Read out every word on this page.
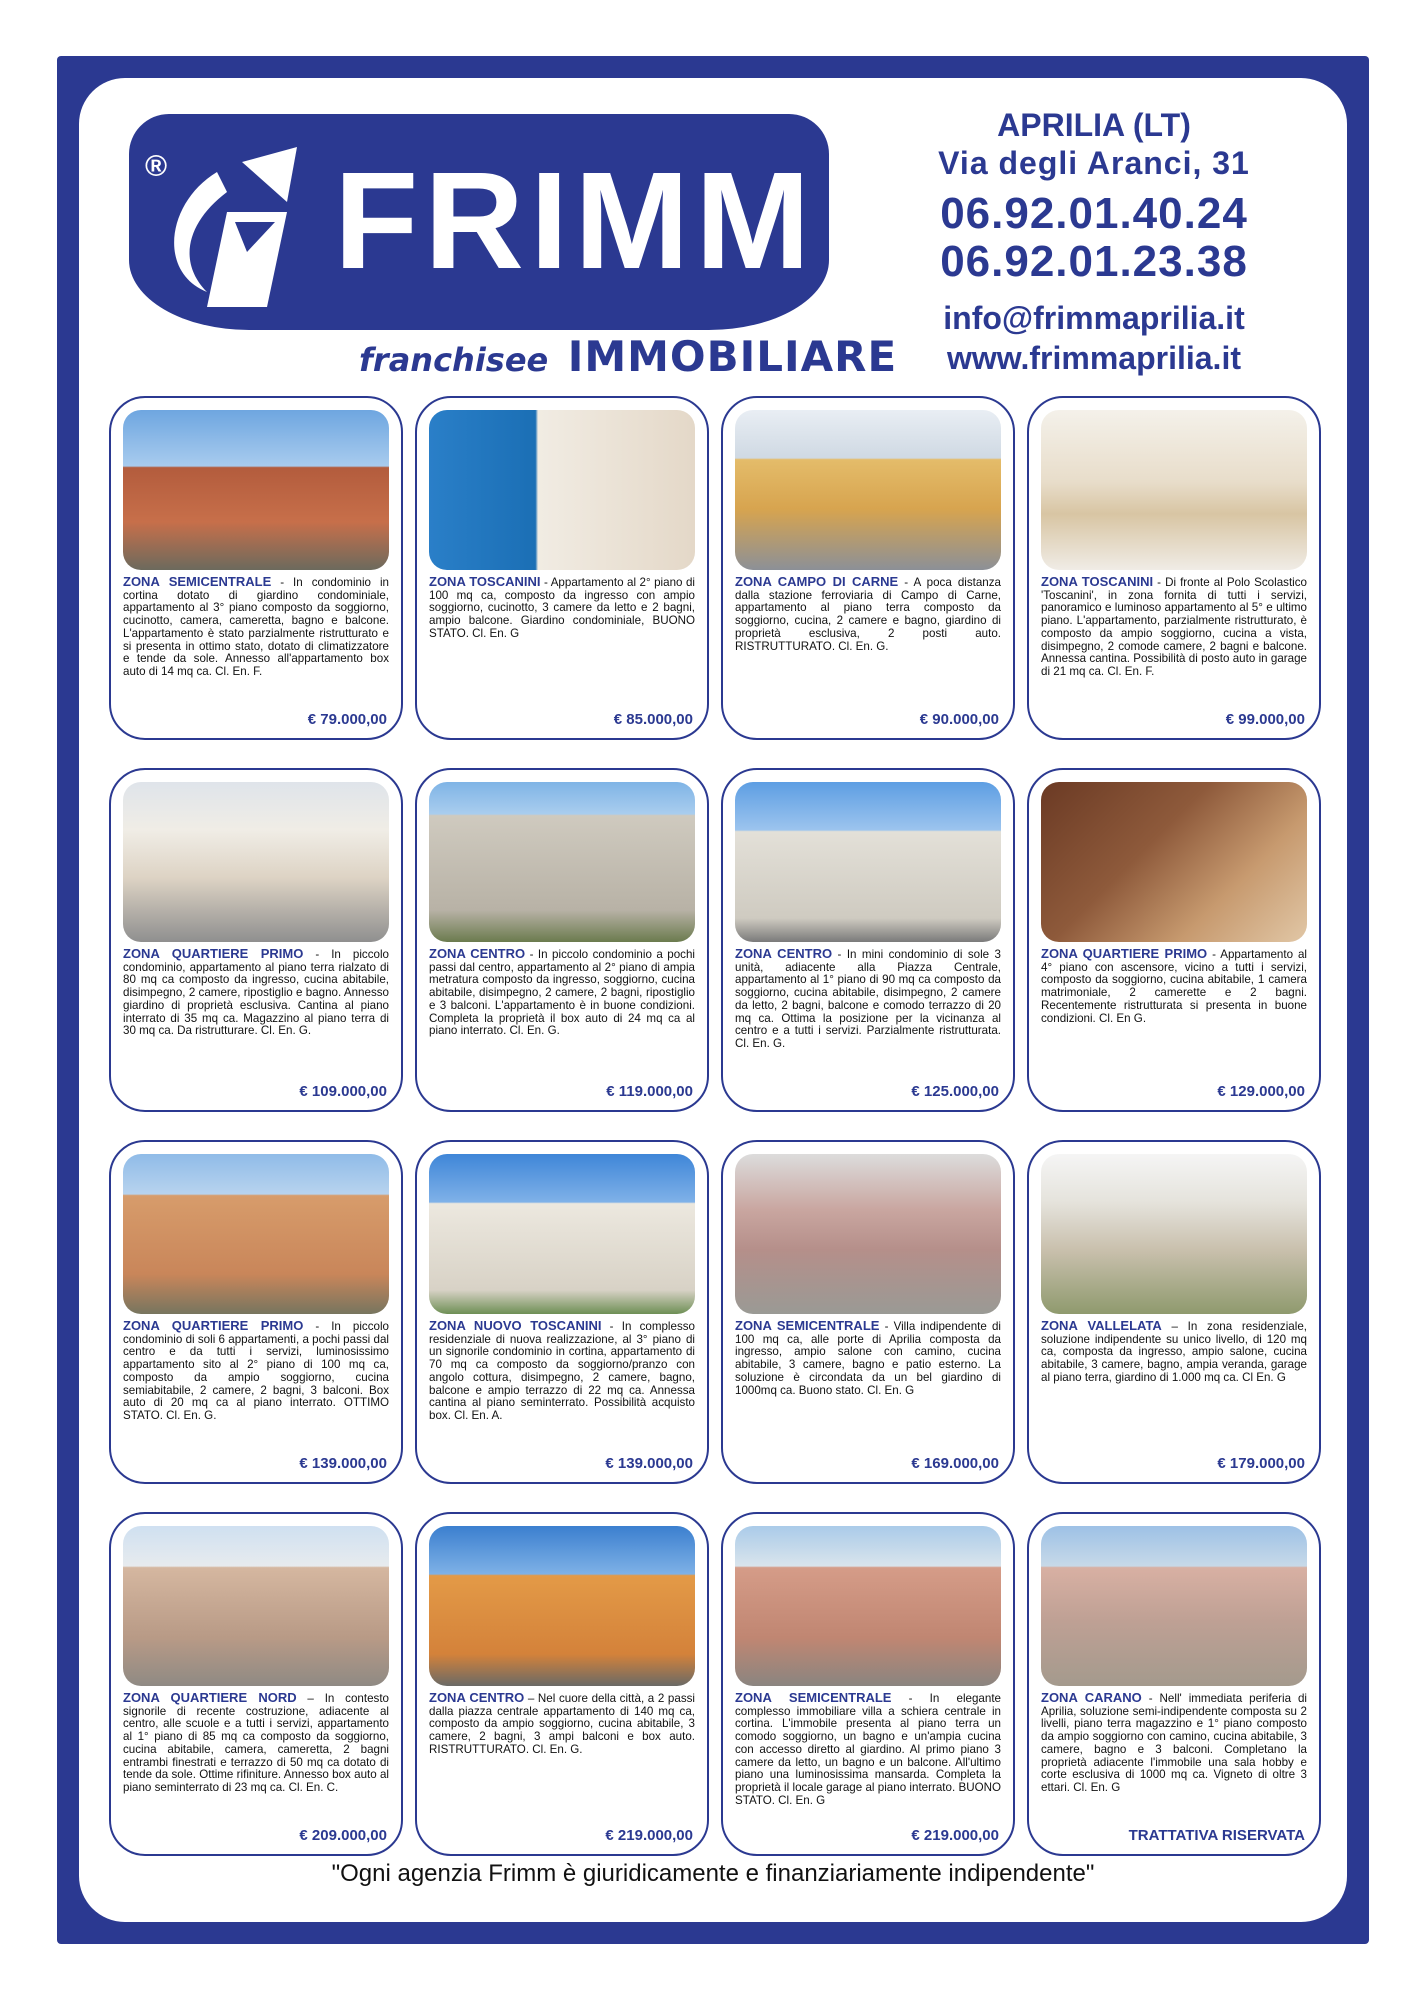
® FRIMM
franchisee IMMOBILIARE
APRILIA (LT)
Via degli Aranci, 31
06.92.01.40.24
06.92.01.23.38
info@frimmaprilia.it
www.frimmaprilia.it
ZONA SEMICENTRALE - In condominio in cortina dotato di giardino condominiale, appartamento al 3° piano composto da soggiorno, cucinotto, camera, cameretta, bagno e balcone. L'appartamento è stato parzialmente ristrutturato e si presenta in ottimo stato, dotato di climatizzatore e tende da sole. Annesso all'appartamento box auto di 14 mq ca. Cl. En. F.
€ 79.000,00
ZONA TOSCANINI - Appartamento al 2° piano di 100 mq ca, composto da ingresso con ampio soggiorno, cucinotto, 3 camere da letto e 2 bagni, ampio balcone. Giardino condominiale, BUONO STATO. Cl. En. G
€ 85.000,00
ZONA CAMPO DI CARNE - A poca distanza dalla stazione ferroviaria di Campo di Carne, appartamento al piano terra composto da soggiorno, cucina, 2 camere e bagno, giardino di proprietà esclusiva, 2 posti auto. RISTRUTTURATO. Cl. En. G.
€ 90.000,00
ZONA TOSCANINI - Di fronte al Polo Scolastico 'Toscanini', in zona fornita di tutti i servizi, panoramico e luminoso appartamento al 5° e ultimo piano. L'appartamento, parzialmente ristrutturato, è composto da ampio soggiorno, cucina a vista, disimpegno, 2 comode camere, 2 bagni e balcone. Annessa cantina. Possibilità di posto auto in garage di 21 mq ca. Cl. En. F.
€ 99.000,00
ZONA QUARTIERE PRIMO - In piccolo condominio, appartamento al piano terra rialzato di 80 mq ca composto da ingresso, cucina abitabile, disimpegno, 2 camere, ripostiglio e bagno. Annesso giardino di proprietà esclusiva. Cantina al piano interrato di 35 mq ca. Magazzino al piano terra di 30 mq ca. Da ristrutturare. Cl. En. G.
€ 109.000,00
ZONA CENTRO - In piccolo condominio a pochi passi dal centro, appartamento al 2° piano di ampia metratura composto da ingresso, soggiorno, cucina abitabile, disimpegno, 2 camere, 2 bagni, ripostiglio e 3 balconi. L'appartamento è in buone condizioni. Completa la proprietà il box auto di 24 mq ca al piano interrato. Cl. En. G.
€ 119.000,00
ZONA CENTRO - In mini condominio di sole 3 unità, adiacente alla Piazza Centrale, appartamento al 1° piano di 90 mq ca composto da soggiorno, cucina abitabile, disimpegno, 2 camere da letto, 2 bagni, balcone e comodo terrazzo di 20 mq ca. Ottima la posizione per la vicinanza al centro e a tutti i servizi. Parzialmente ristrutturata. Cl. En. G.
€ 125.000,00
ZONA QUARTIERE PRIMO - Appartamento al 4° piano con ascensore, vicino a tutti i servizi, composto da soggiorno, cucina abitabile, 1 camera matrimoniale, 2 camerette e 2 bagni. Recentemente ristrutturata si presenta in buone condizioni. Cl. En G.
€ 129.000,00
ZONA QUARTIERE PRIMO - In piccolo condominio di soli 6 appartamenti, a pochi passi dal centro e da tutti i servizi, luminosissimo appartamento sito al 2° piano di 100 mq ca, composto da ampio soggiorno, cucina semiabitabile, 2 camere, 2 bagni, 3 balconi. Box auto di 20 mq ca al piano interrato. OTTIMO STATO. Cl. En. G.
€ 139.000,00
ZONA NUOVO TOSCANINI - In complesso residenziale di nuova realizzazione, al 3° piano di un signorile condominio in cortina, appartamento di 70 mq ca composto da soggiorno/pranzo con angolo cottura, disimpegno, 2 camere, bagno, balcone e ampio terrazzo di 22 mq ca. Annessa cantina al piano seminterrato. Possibilità acquisto box. Cl. En. A.
€ 139.000,00
ZONA SEMICENTRALE - Villa indipendente di 100 mq ca, alle porte di Aprilia composta da ingresso, ampio salone con camino, cucina abitabile, 3 camere, bagno e patio esterno. La soluzione è circondata da un bel giardino di 1000mq ca. Buono stato. Cl. En. G
€ 169.000,00
ZONA VALLELATA – In zona residenziale, soluzione indipendente su unico livello, di 120 mq ca, composta da ingresso, ampio salone, cucina abitabile, 3 camere, bagno, ampia veranda, garage al piano terra, giardino di 1.000 mq ca. Cl En. G
€ 179.000,00
ZONA QUARTIERE NORD – In contesto signorile di recente costruzione, adiacente al centro, alle scuole e a tutti i servizi, appartamento al 1° piano di 85 mq ca composto da soggiorno, cucina abitabile, camera, cameretta, 2 bagni entrambi finestrati e terrazzo di 50 mq ca dotato di tende da sole. Ottime rifiniture. Annesso box auto al piano seminterrato di 23 mq ca. Cl. En. C.
€ 209.000,00
ZONA CENTRO – Nel cuore della città, a 2 passi dalla piazza centrale appartamento di 140 mq ca, composto da ampio soggiorno, cucina abitabile, 3 camere, 2 bagni, 3 ampi balconi e box auto. RISTRUTTURATO. Cl. En. G.
€ 219.000,00
ZONA SEMICENTRALE - In elegante complesso immobiliare villa a schiera centrale in cortina. L'immobile presenta al piano terra un comodo soggiorno, un bagno e un'ampia cucina con accesso diretto al giardino. Al primo piano 3 camere da letto, un bagno e un balcone. All'ultimo piano una luminosissima mansarda. Completa la proprietà il locale garage al piano interrato. BUONO STATO. Cl. En. G
€ 219.000,00
ZONA CARANO - Nell' immediata periferia di Aprilia, soluzione semi-indipendente composta su 2 livelli, piano terra magazzino e 1° piano composto da ampio soggiorno con camino, cucina abitabile, 3 camere, bagno e 3 balconi. Completano la proprietà adiacente l'immobile una sala hobby e corte esclusiva di 1000 mq ca. Vigneto di oltre 3 ettari. Cl. En. G
TRATTATIVA RISERVATA
"Ogni agenzia Frimm è giuridicamente e finanziariamente indipendente"
